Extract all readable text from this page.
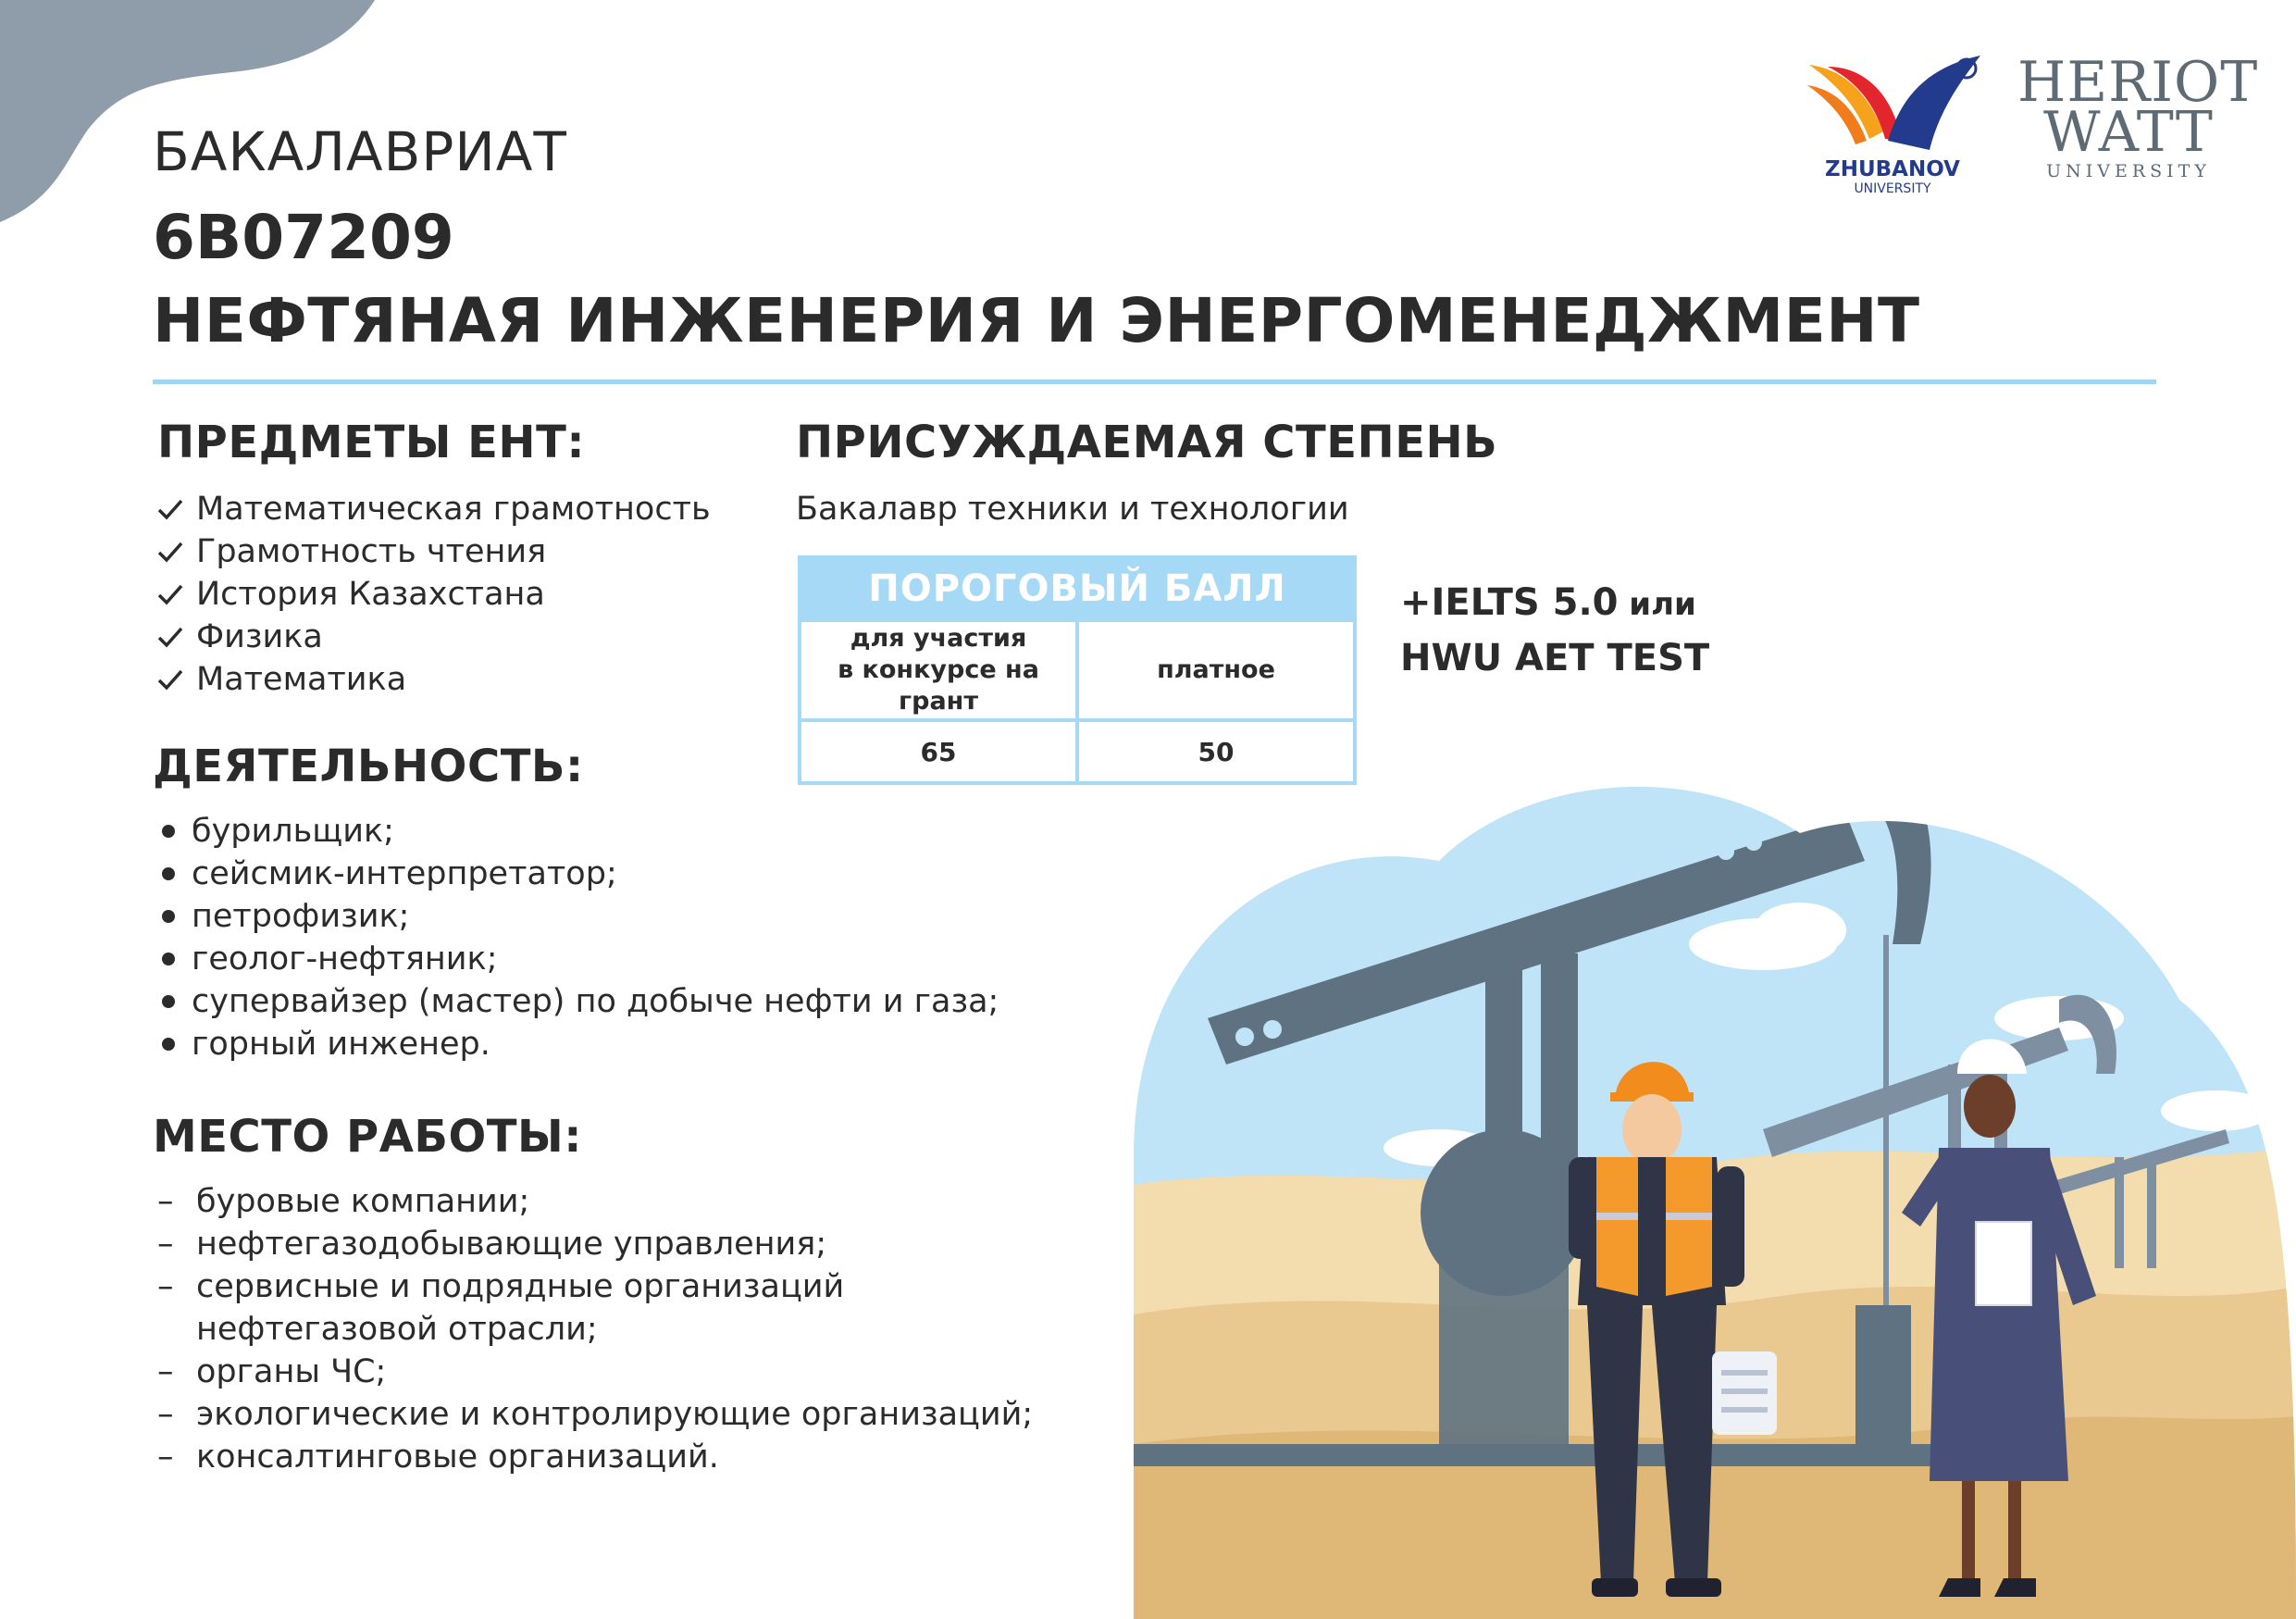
БАКАЛАВРИАТ
6B07209
НЕФТЯНАЯ ИНЖЕНЕРИЯ И ЭНЕРГОМЕНЕДЖМЕНТ
ZHUBANOV
UNIVERSITY
HERIOT
WATT
UNIVERSITY
ПРЕДМЕТЫ ЕНТ:
Математическая грамотность
Грамотность чтения
История Казахстана
Физика
Математика
ПРИСУЖДАЕМАЯ СТЕПЕНЬ
Бакалавр техники и технологии
ПОРОГОВЫЙ БАЛЛ	
для участия
в конкурсе на грант	платное
65	50
+IELTS 5.0 или
HWU AET TEST
ДЕЯТЕЛЬНОСТЬ:
бурильщик;
сейсмик-интерпретатор;
петрофизик;
геолог-нефтяник;
супервайзер (мастер) по добыче нефти и газа;
горный инженер.
МЕСТО РАБОТЫ:
– буровые компании;
– нефтегазодобывающие управления;
– сервисные и подрядные организаций
нефтегазовой отрасли;
– органы ЧС;
– экологические и контролирующие организаций;
– консалтинговые организаций.
